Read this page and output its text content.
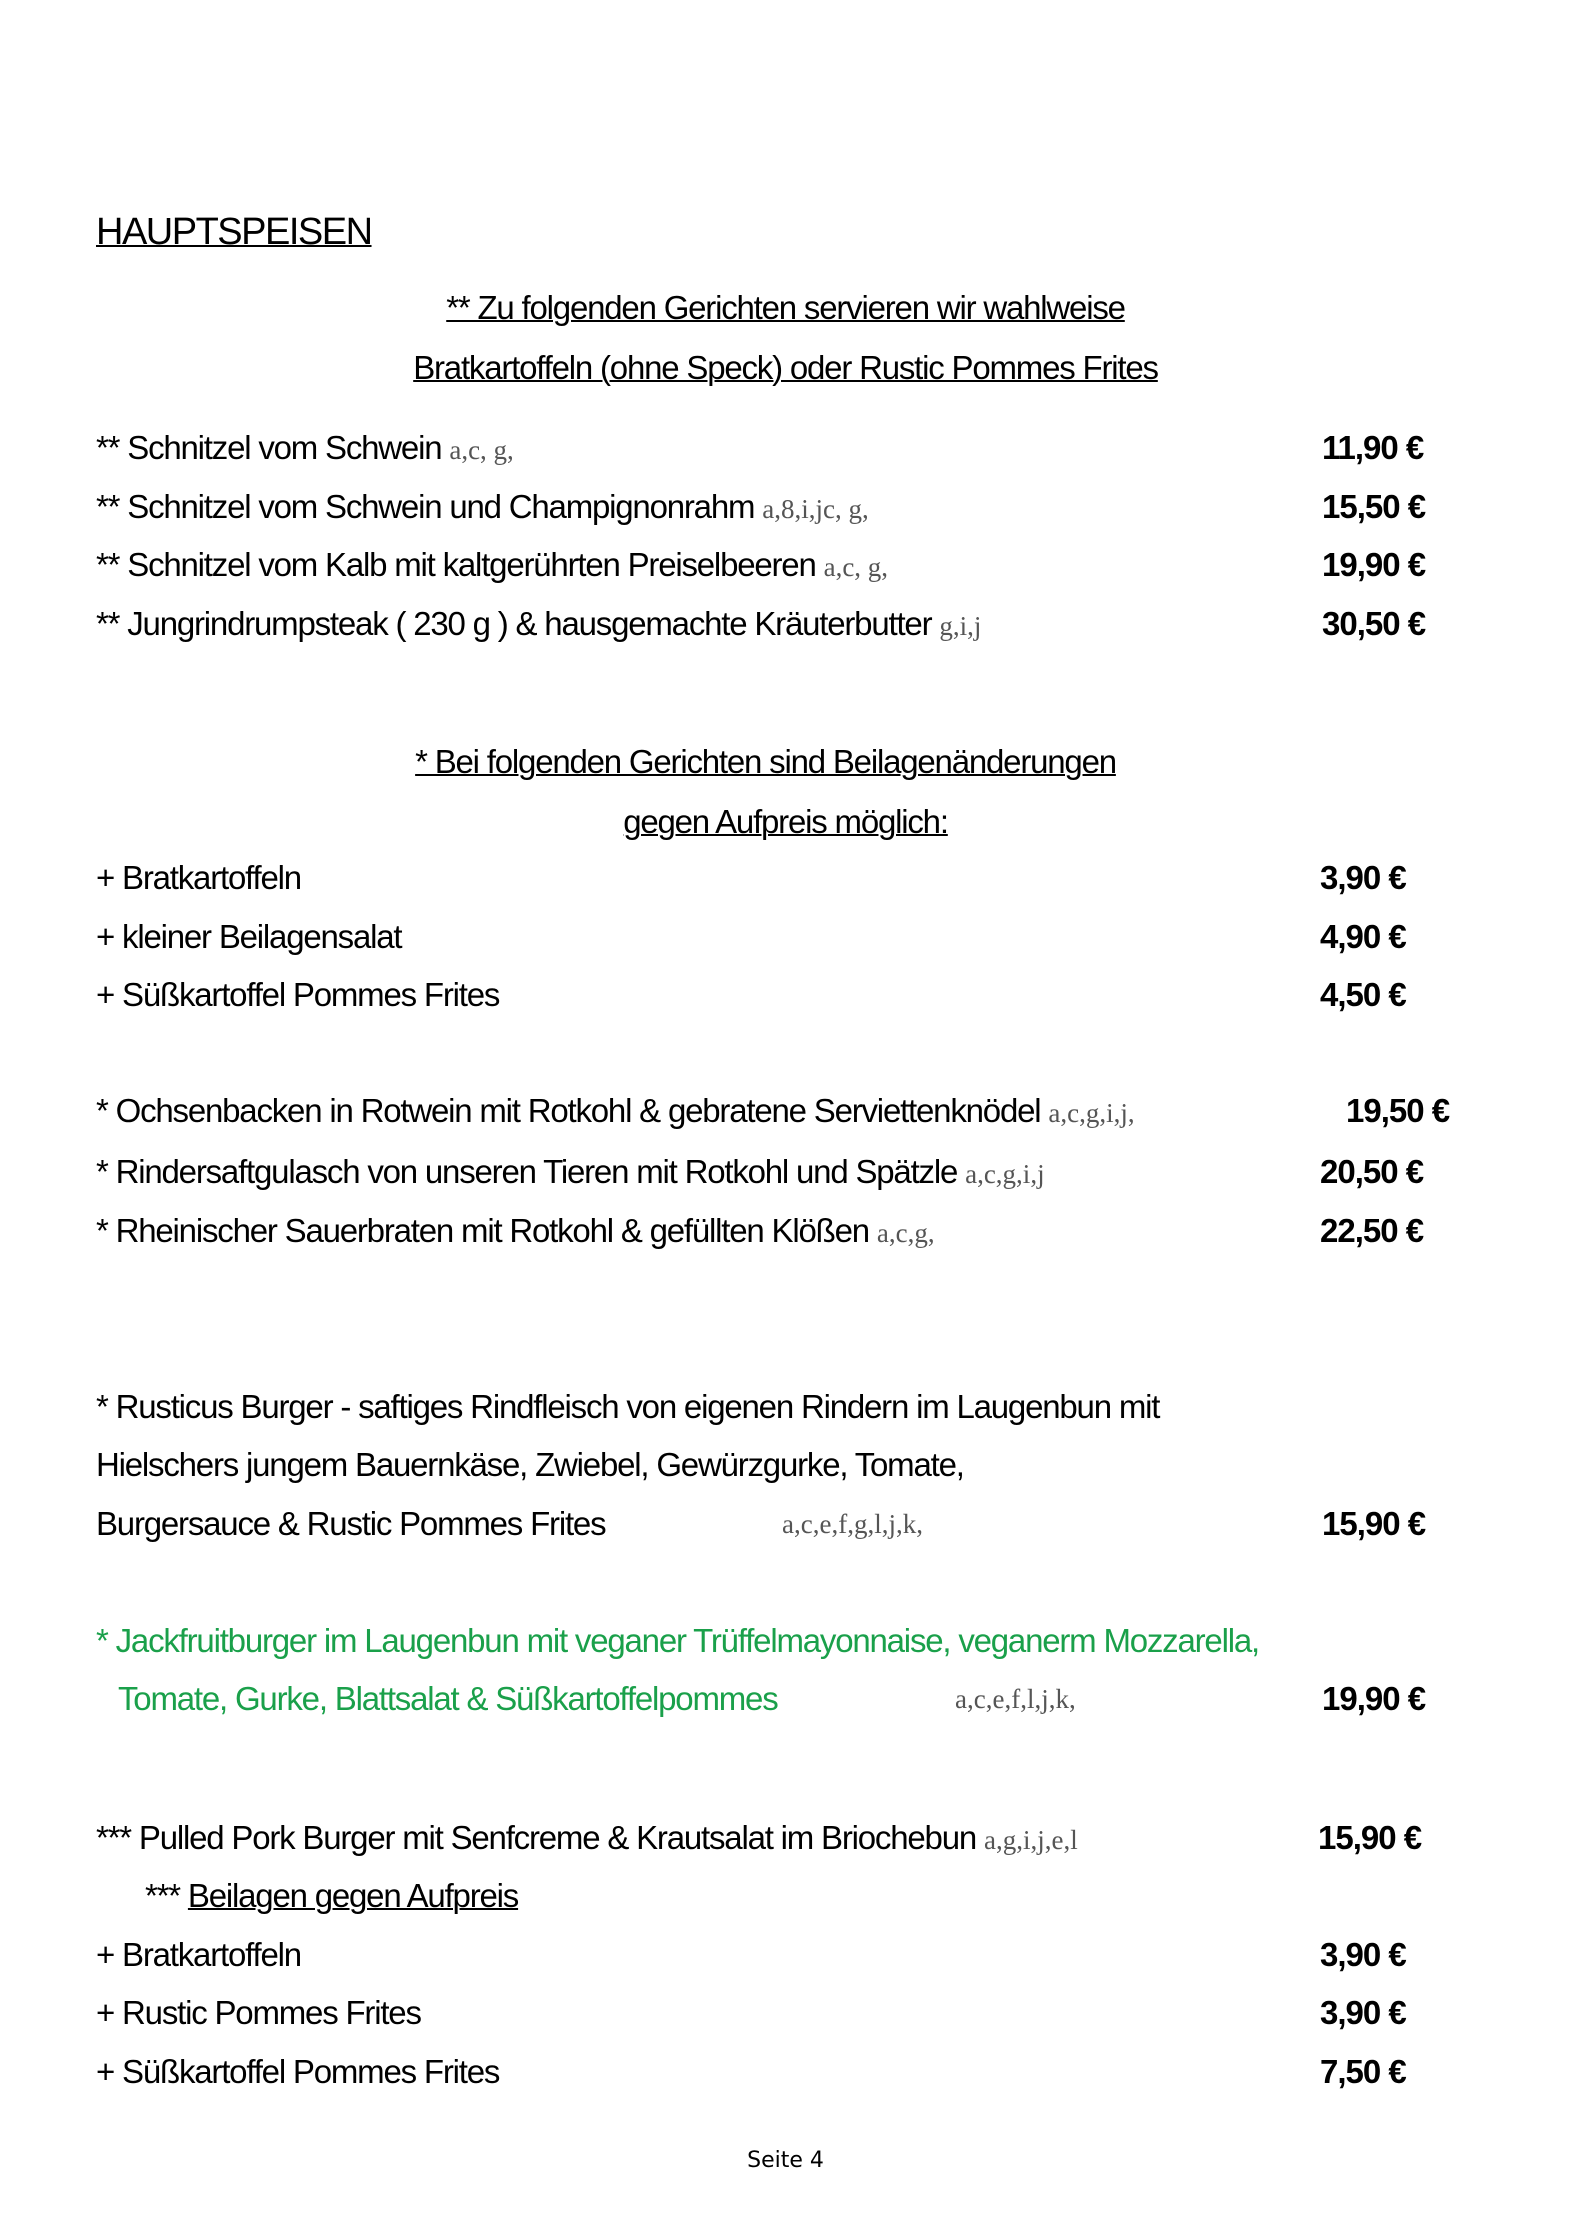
HAUPTSPEISEN
** Zu folgenden Gerichten servieren wir wahlweise
Bratkartoffeln (ohne Speck) oder Rustic Pommes Frites
** Schnitzel vom Schwein a,c, g,	11,90 €
** Schnitzel vom Schwein und Champignonrahm a,8,i,jc, g,	15,50 €
** Schnitzel vom Kalb mit kaltgerührten Preiselbeeren a,c, g,	19,90 €
** Jungrindrumpsteak ( 230 g ) & hausgemachte Kräuterbutter g,i,j	30,50 €
* Bei folgenden Gerichten sind Beilagenänderungen
gegen Aufpreis möglich:
+ Bratkartoffeln	3,90 €
+ kleiner Beilagensalat	4,90 €
+ Süßkartoffel Pommes Frites	4,50 €
* Ochsenbacken in Rotwein mit Rotkohl & gebratene Serviettenknödel a,c,g,i,j,	19,50 €
* Rindersaftgulasch von unseren Tieren mit Rotkohl und Spätzle a,c,g,i,j	20,50 €
* Rheinischer Sauerbraten mit Rotkohl & gefüllten Klößen a,c,g,	22,50 €
* Rusticus Burger - saftiges Rindfleisch von eigenen Rindern im Laugenbun mit
Hielschers jungem Bauernkäse, Zwiebel, Gewürzgurke, Tomate,
Burgersauce & Rustic Pommes Frites	a,c,e,f,g,l,j,k,	15,90 €
* Jackfruitburger im Laugenbun mit veganer Trüffelmayonnaise, veganerm Mozzarella,
Tomate, Gurke, Blattsalat & Süßkartoffelpommes	a,c,e,f,l,j,k,	19,90 €
*** Pulled Pork Burger mit Senfcreme & Krautsalat im Briochebun a,g,i,j,e,l	15,90 €
*** Beilagen gegen Aufpreis
+ Bratkartoffeln	3,90 €
+ Rustic Pommes Frites	3,90 €
+ Süßkartoffel Pommes Frites	7,50 €
Seite 4
